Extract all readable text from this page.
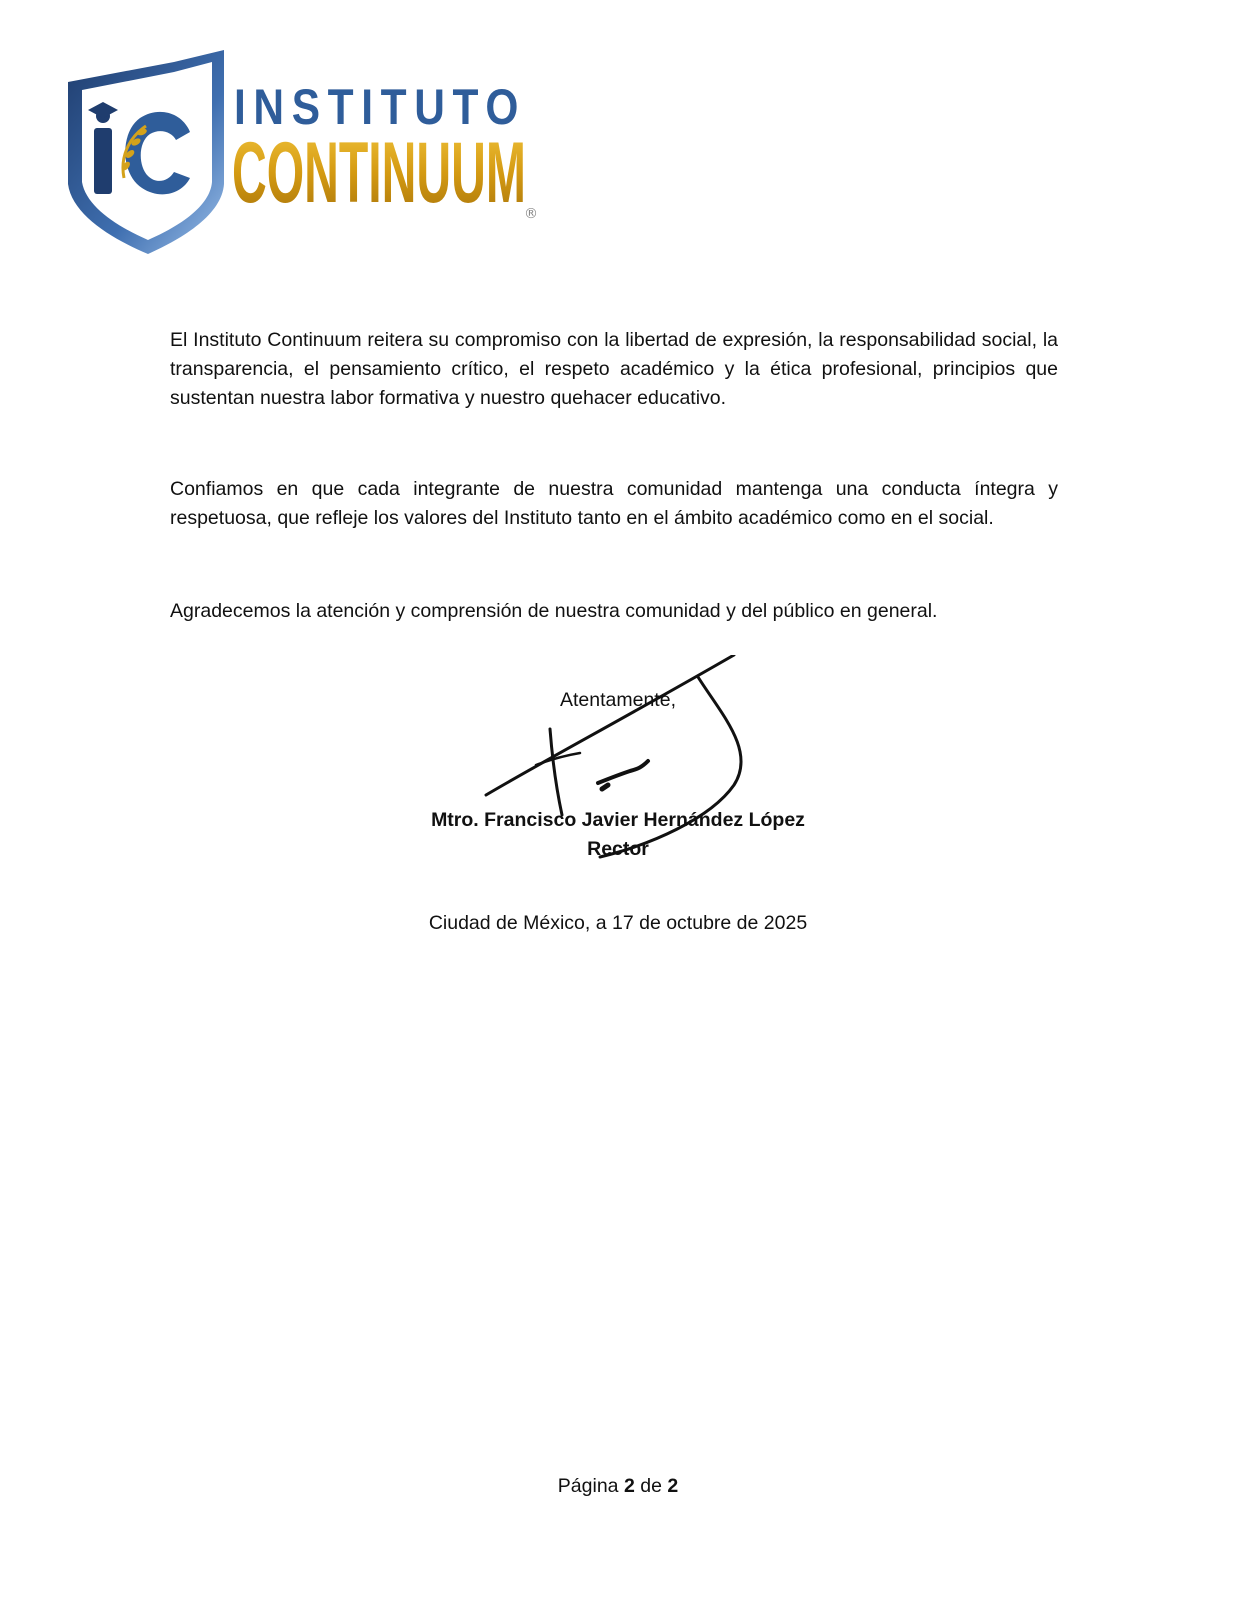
INSTITUTO
CONTINUUM
®

El Instituto Continuum reitera su compromiso con la libertad de expresión, la responsabilidad social, la transparencia, el pensamiento crítico, el respeto académico y la ética profesional, principios que sustentan nuestra labor formativa y nuestro quehacer educativo.

Confiamos en que cada integrante de nuestra comunidad mantenga una conducta íntegra y respetuosa, que refleje los valores del Instituto tanto en el ámbito académico como en el social.

Agradecemos la atención y comprensión de nuestra comunidad y del público en general.

Atentamente,

Mtro. Francisco Javier Hernández López

Rector

Ciudad de México, a 17 de octubre de 2025

Página 2 de 2
